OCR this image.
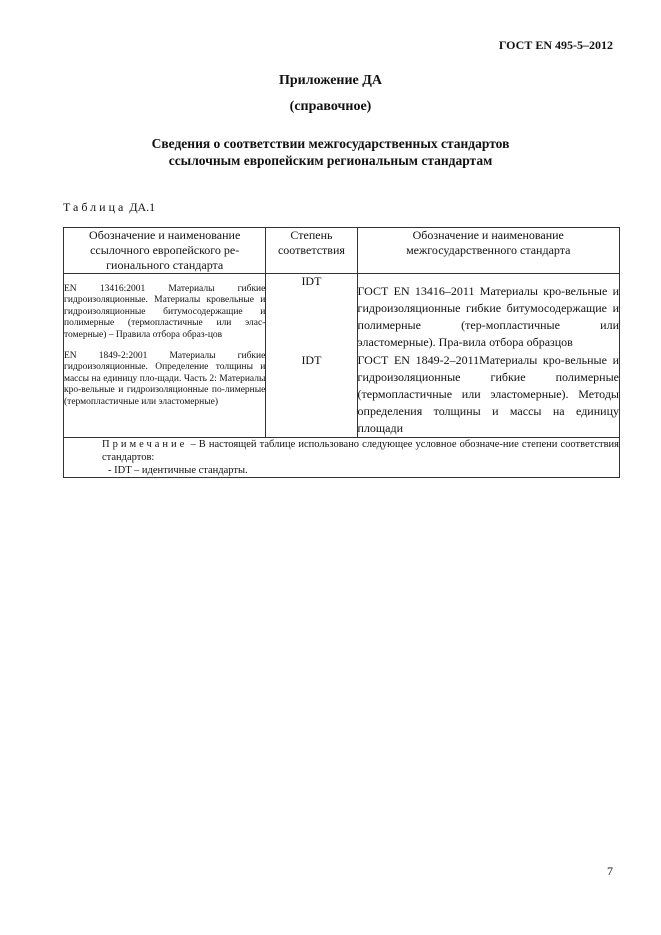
ГОСТ EN 495-5–2012
Приложение ДА
(справочное)
Сведения о соответствии межгосударственных стандартов
ссылочным европейским региональным стандартам
Таблица ДА.1
Обозначение и наименование ссылочного европейского ре-гионального стандарта	Степень соответствия	Обозначение и наименование межгосударственного стандарта
EN 13416:2001 Материалы гибкие гидроизоляционные. Материалы кровельные и гидроизоляционные битумосодержащие и полимерные (термопластичные или элас-томерные) – Правила отбора образ-цов	IDT	ГОСТ EN 13416–2011 Материалы кро-вельные и гидроизоляционные гибкие битумосодержащие и полимерные (тер-мопластичные или эластомерные). Пра-вила отбора образцов
EN 1849-2:2001 Материалы гибкие гидроизоляционные. Определение толщины и массы на единицу пло-щади. Часть 2: Материалы кро-вельные и гидроизоляционные по-лимерные (термопластичные или эластомерные)	IDT	ГОСТ EN 1849-2–2011Материалы кро-вельные и гидроизоляционные гибкие полимерные (термопластичные или эластомерные). Методы определения толщины и массы на единицу площади

Примечание – В настоящей таблице использовано следующее условное обозначе-ние степени соответствия стандартов:
- IDT – идентичные стандарты.		
7
